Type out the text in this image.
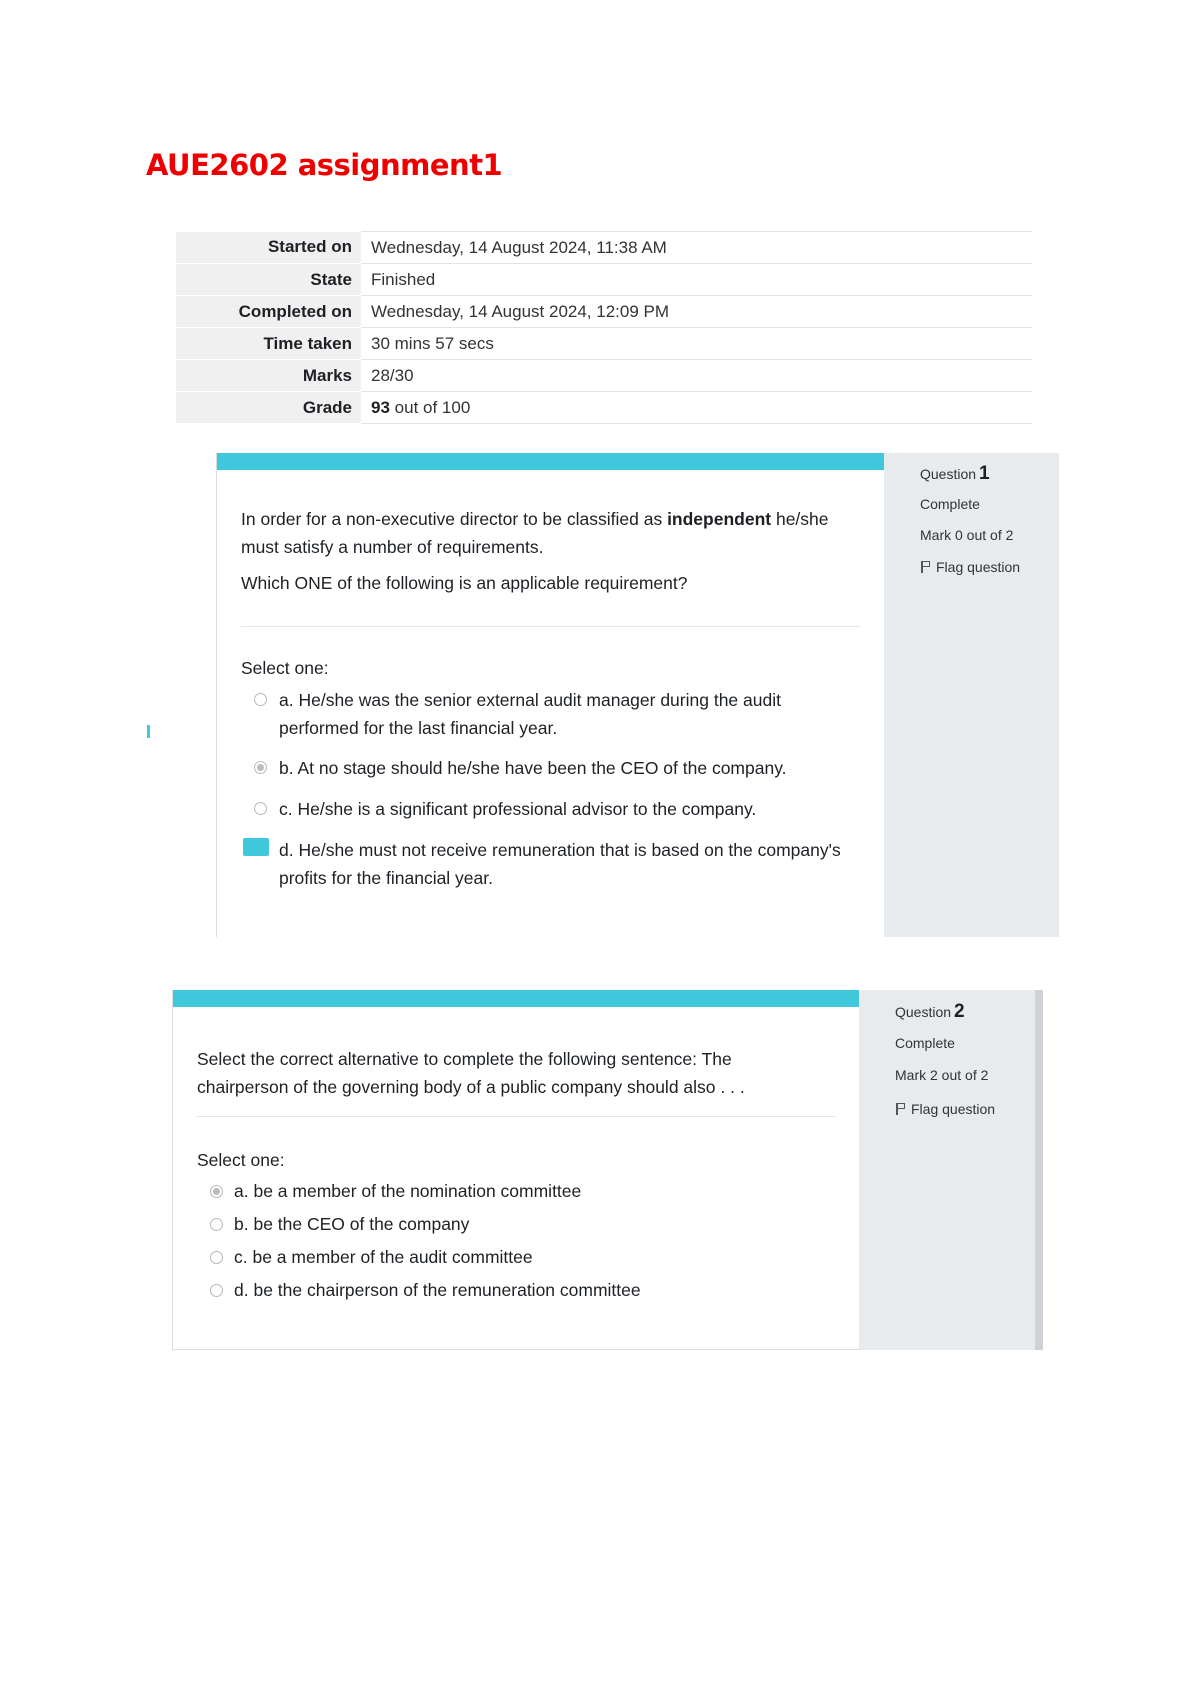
AUE2602 assignment1
Started on	Wednesday, 14 August 2024, 11:38 AM
State	Finished
Completed on	Wednesday, 14 August 2024, 12:09 PM
Time taken	30 mins 57 secs
Marks	28/30
Grade	93 out of 100
In order for a non-executive director to be classified as independent he/she must satisfy a number of requirements.
Which ONE of the following is an applicable requirement?
Select one:
a. He/she was the senior external audit manager during the audit performed for the last financial year.
b. At no stage should he/she have been the CEO of the company.
c. He/she is a significant professional advisor to the company.
d. He/she must not receive remuneration that is based on the company's profits for the financial year.
Question 1
Complete
Mark 0 out of 2
Flag question
Select the correct alternative to complete the following sentence: The chairperson of the governing body of a public company should also . . .
Select one:
a. be a member of the nomination committee
b. be the CEO of the company
c. be a member of the audit committee
d. be the chairperson of the remuneration committee
Question 2
Complete
Mark 2 out of 2
Flag question
